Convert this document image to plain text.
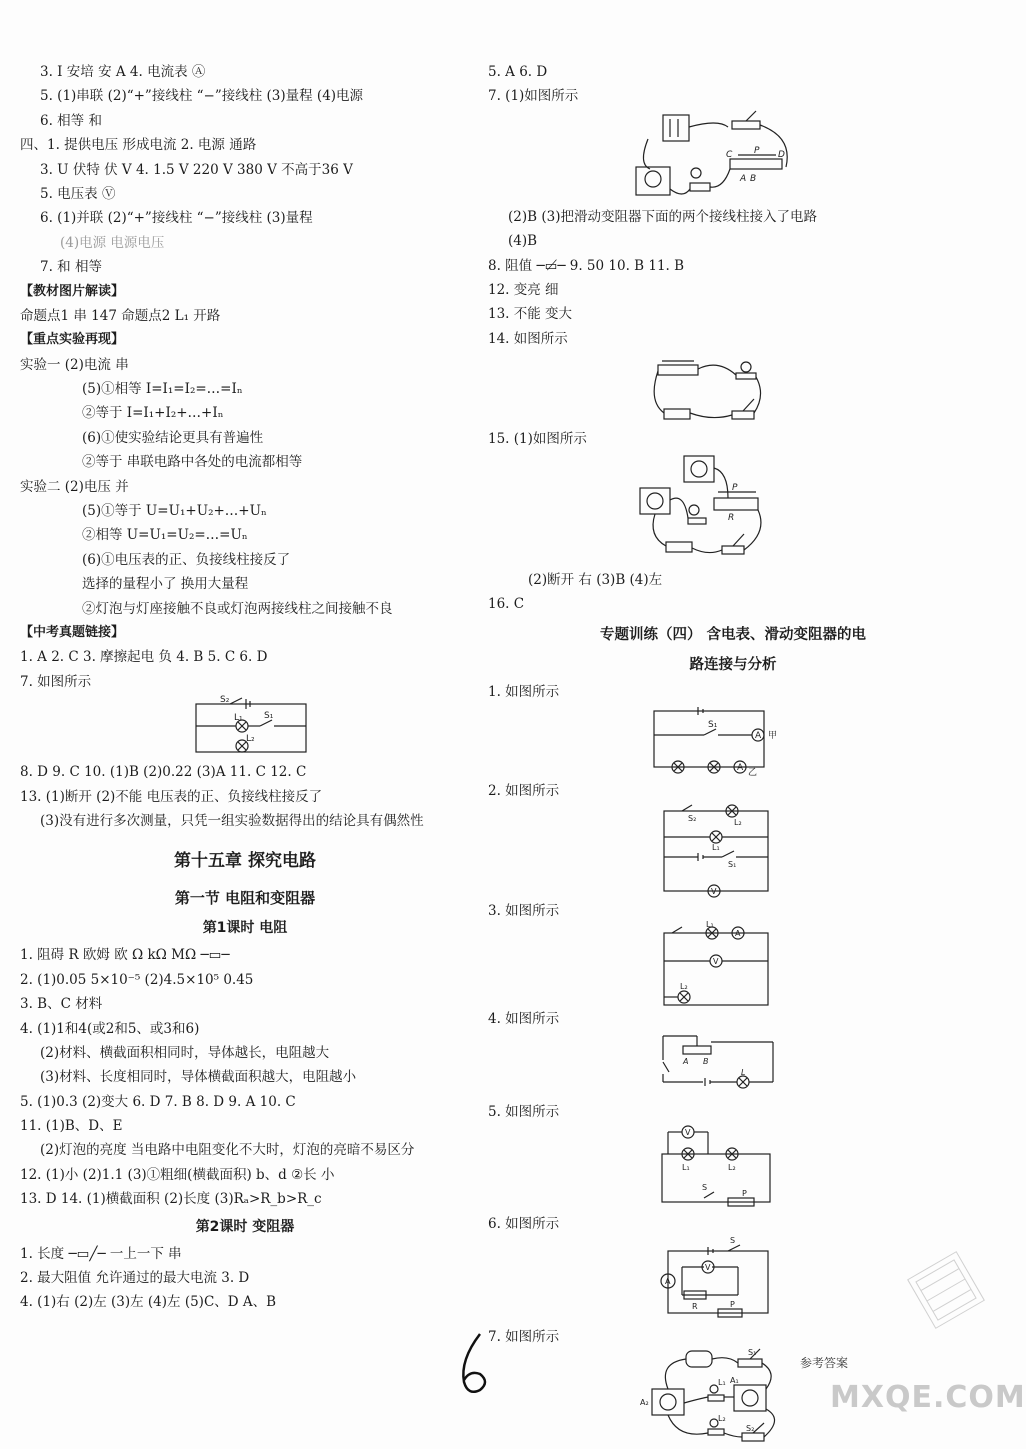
3. I 安培 安 A 4. 电流表 Ⓐ
5. (1)串联 (2)“+”接线柱 “−”接线柱 (3)量程 (4)电源
6. 相等 和
四、1. 提供电压 形成电流 2. 电源 通路
3. U 伏特 伏 V 4. 1.5 V 220 V 380 V 不高于36 V
5. 电压表 Ⓥ
6. (1)并联 (2)“+”接线柱 “−”接线柱 (3)量程
(4)电源 电源电压
7. 和 相等
【教材图片解读】
命题点1 串 147 命题点2 L₁ 开路
【重点实验再现】
实验一 (2)电流 串
(5)①相等 I=I₁=I₂=…=Iₙ
②等于 I=I₁+I₂+…+Iₙ
(6)①使实验结论更具有普遍性
②等于 串联电路中各处的电流都相等
实验二 (2)电压 并
(5)①等于 U=U₁+U₂+…+Uₙ
②相等 U=U₁=U₂=…=Uₙ
(6)①电压表的正、负接线柱接反了
选择的量程小了 换用大量程
②灯泡与灯座接触不良或灯泡两接线柱之间接触不良
【中考真题链接】
1. A 2. C 3. 摩擦起电 负 4. B 5. C 6. D
7. 如图所示
S₂
L₁ S₁
L₂
8. D 9. C 10. (1)B (2)0.22 (3)A 11. C 12. C
13. (1)断开 (2)不能 电压表的正、负接线柱接反了
(3)没有进行多次测量，只凭一组实验数据得出的结论具有偶然性
第十五章 探究电路
第一节 电阻和变阻器
第1课时 电阻
1. 阻碍 R 欧姆 欧 Ω kΩ MΩ ─▭─
2. (1)0.05 5×10⁻⁵ (2)4.5×10⁵ 0.45
3. B、C 材料
4. (1)1和4(或2和5、或3和6)
(2)材料、横截面积相同时，导体越长，电阻越大
(3)材料、长度相同时，导体横截面积越大，电阻越小
5. (1)0.3 (2)变大 6. D 7. B 8. D 9. A 10. C
11. (1)B、D、E
(2)灯泡的亮度 当电路中电阻变化不大时，灯泡的亮暗不易区分
12. (1)小 (2)1.1 (3)①粗细(横截面积) b、d ②长 小
13. D 14. (1)横截面积 (2)长度 (3)Rₐ>R_b>R_c
第2课时 变阻器
1. 长度 ─▭╱─ 一上一下 串
2. 最大阻值 允许通过的最大电流 3. D
4. (1)右 (2)左 (3)左 (4)左 (5)C、D A、B
5. A 6. D
7. (1)如图所示
A B
C	D
P
(2)B (3)把滑动变阻器下面的两个接线柱接入了电路
(4)B
8. 阻值 ─▭̸─ 9. 50 10. B 11. B
12. 变亮 细
13. 不能 变大
14. 如图所示
15. (1)如图所示
P
R
(2)断开 右 (3)B (4)左
16. C
专题训练（四） 含电表、滑动变阻器的电
路连接与分析
1. 如图所示
S₁
A 甲
A 乙
2. 如图所示
S₂	L₂
L₁
S₁
V
3. 如图所示
L₁
A
V
L₂
4. 如图所示
A B
L
5. 如图所示
V
L₁	L₂
S
P
6. 如图所示
S
A
V
P
R
7. 如图所示
S₁
A₁
L₁
A₂
L₂
S₂
参考答案
MXQE.COM
